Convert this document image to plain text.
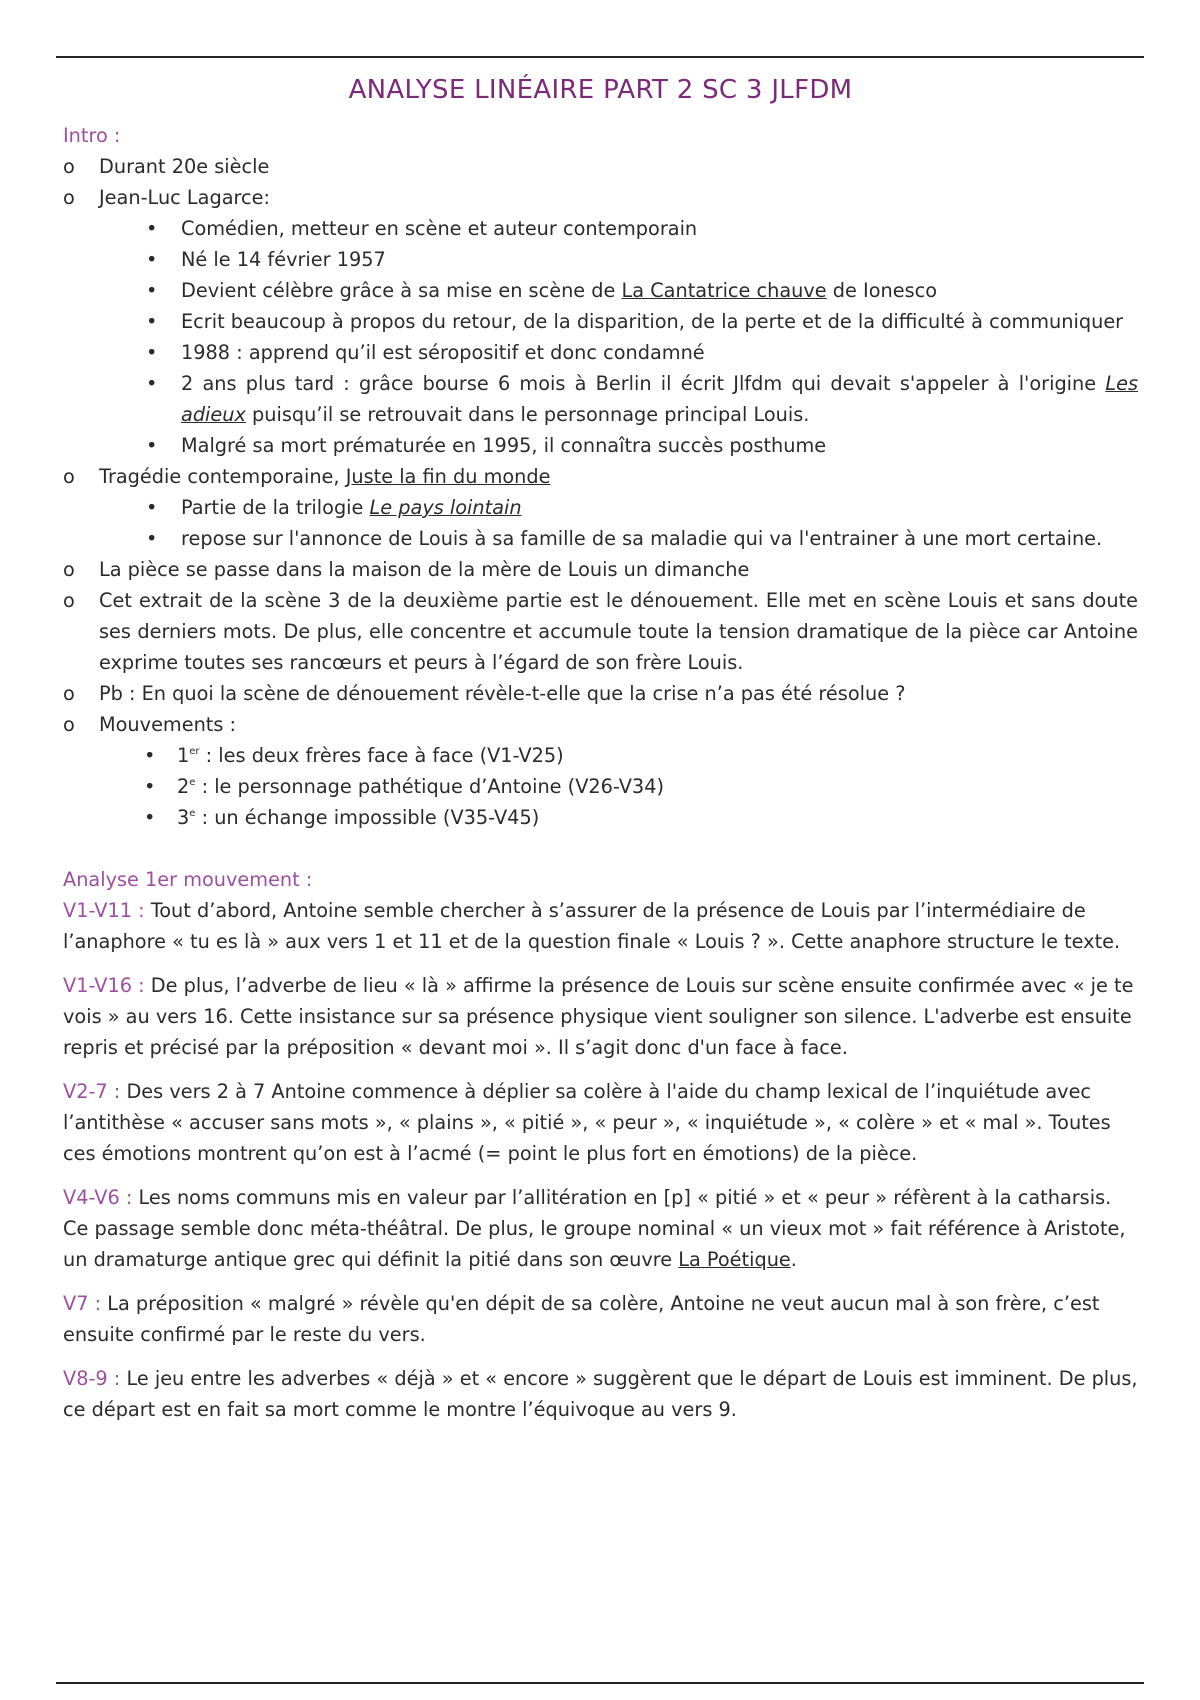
ANALYSE LINÉAIRE PART 2 SC 3 JLFDM

Intro :

o	Durant 20e siècle
o	Jean-Luc Lagarce:
• Comédien, metteur en scène et auteur contemporain
• Né le 14 février 1957
• Devient célèbre grâce à sa mise en scène de La Cantatrice chauve de Ionesco
• Ecrit beaucoup à propos du retour, de la disparition, de la perte et de la difficulté à communiquer
• 1988 : apprend qu’il est séropositif et donc condamné
• 2 ans plus tard : grâce bourse 6 mois à Berlin il écrit Jlfdm qui devait s'appeler à l'origine Les adieux puisqu’il se retrouvait dans le personnage principal Louis.
• Malgré sa mort prématurée en 1995, il connaîtra succès posthume
o	Tragédie contemporaine, Juste la fin du monde
• Partie de la trilogie Le pays lointain
• repose sur l'annonce de Louis à sa famille de sa maladie qui va l'entrainer à une mort certaine.
o	La pièce se passe dans la maison de la mère de Louis un dimanche
o	Cet extrait de la scène 3 de la deuxième partie est le dénouement. Elle met en scène Louis et sans doute ses derniers mots. De plus, elle concentre et accumule toute la tension dramatique de la pièce car Antoine exprime toutes ses rancœurs et peurs à l’égard de son frère Louis.
o	Pb : En quoi la scène de dénouement révèle-t-elle que la crise n’a pas été résolue ?
o	Mouvements :
• 1er : les deux frères face à face (V1-V25)
• 2e : le personnage pathétique d’Antoine (V26-V34)
• 3e : un échange impossible (V35-V45)

Analyse 1er mouvement :

V1-V11 : Tout d’abord, Antoine semble chercher à s’assurer de la présence de Louis par l’intermédiaire de l’anaphore « tu es là » aux vers 1 et 11 et de la question finale « Louis ? ». Cette anaphore structure le texte.

V1-V16 : De plus, l’adverbe de lieu « là » affirme la présence de Louis sur scène ensuite confirmée avec « je te vois » au vers 16. Cette insistance sur sa présence physique vient souligner son silence. L'adverbe est ensuite repris et précisé par la préposition « devant moi ». Il s’agit donc d'un face à face.

V2-7 : Des vers 2 à 7 Antoine commence à déplier sa colère à l'aide du champ lexical de l’inquiétude avec l’antithèse « accuser sans mots », « plains », « pitié », « peur », « inquiétude », « colère » et « mal ». Toutes ces émotions montrent qu’on est à l’acmé (= point le plus fort en émotions) de la pièce.

V4-V6 : Les noms communs mis en valeur par l’allitération en [p] « pitié » et « peur » réfèrent à la catharsis. Ce passage semble donc méta-théâtral. De plus, le groupe nominal « un vieux mot » fait référence à Aristote, un dramaturge antique grec qui définit la pitié dans son œuvre La Poétique.

V7 : La préposition « malgré » révèle qu'en dépit de sa colère, Antoine ne veut aucun mal à son frère, c’est ensuite confirmé par le reste du vers.

V8-9 : Le jeu entre les adverbes « déjà » et « encore » suggèrent que le départ de Louis est imminent. De plus, ce départ est en fait sa mort comme le montre l’équivoque au vers 9.
